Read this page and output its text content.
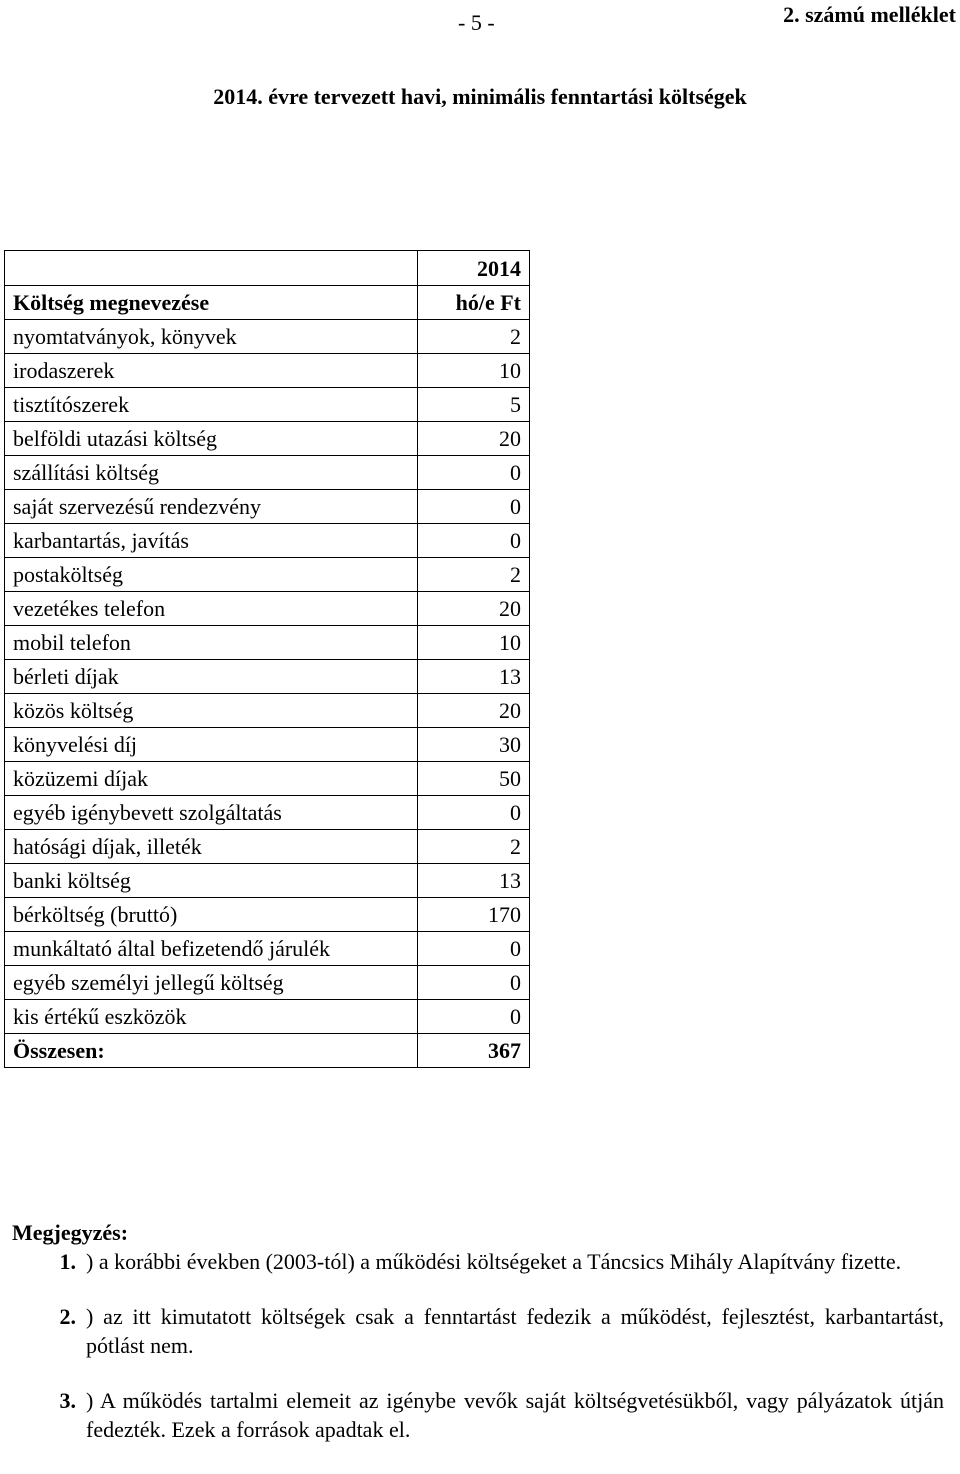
- 5 -	2. számú melléklet
2014. évre tervezett havi, minimális fenntartási költségek
	2014
Költség megnevezése	hó/e Ft
nyomtatványok, könyvek	2
irodaszerek	10
tisztítószerek	5
belföldi utazási költség	20
szállítási költség	0
saját szervezésű rendezvény	0
karbantartás, javítás	0
postaköltség	2
vezetékes telefon	20
mobil telefon	10
bérleti díjak	13
közös költség	20
könyvelési díj	30
közüzemi díjak	50
egyéb igénybevett szolgáltatás	0
hatósági díjak, illeték	2
banki költség	13
bérköltség (bruttó)	170
munkáltató által befizetendő járulék	0
egyéb személyi jellegű költség	0
kis értékű eszközök	0
Összesen:	367
Megjegyzés:
1. ) a korábbi években (2003-tól) a működési költségeket a Táncsics Mihály Alapítvány fizette.
2. ) az itt kimutatott költségek csak a fenntartást fedezik a működést, fejlesztést, karbantartást, pótlást nem.
3. ) A működés tartalmi elemeit az igénybe vevők saját költségvetésükből, vagy pályázatok útján fedezték. Ezek a források apadtak el.
